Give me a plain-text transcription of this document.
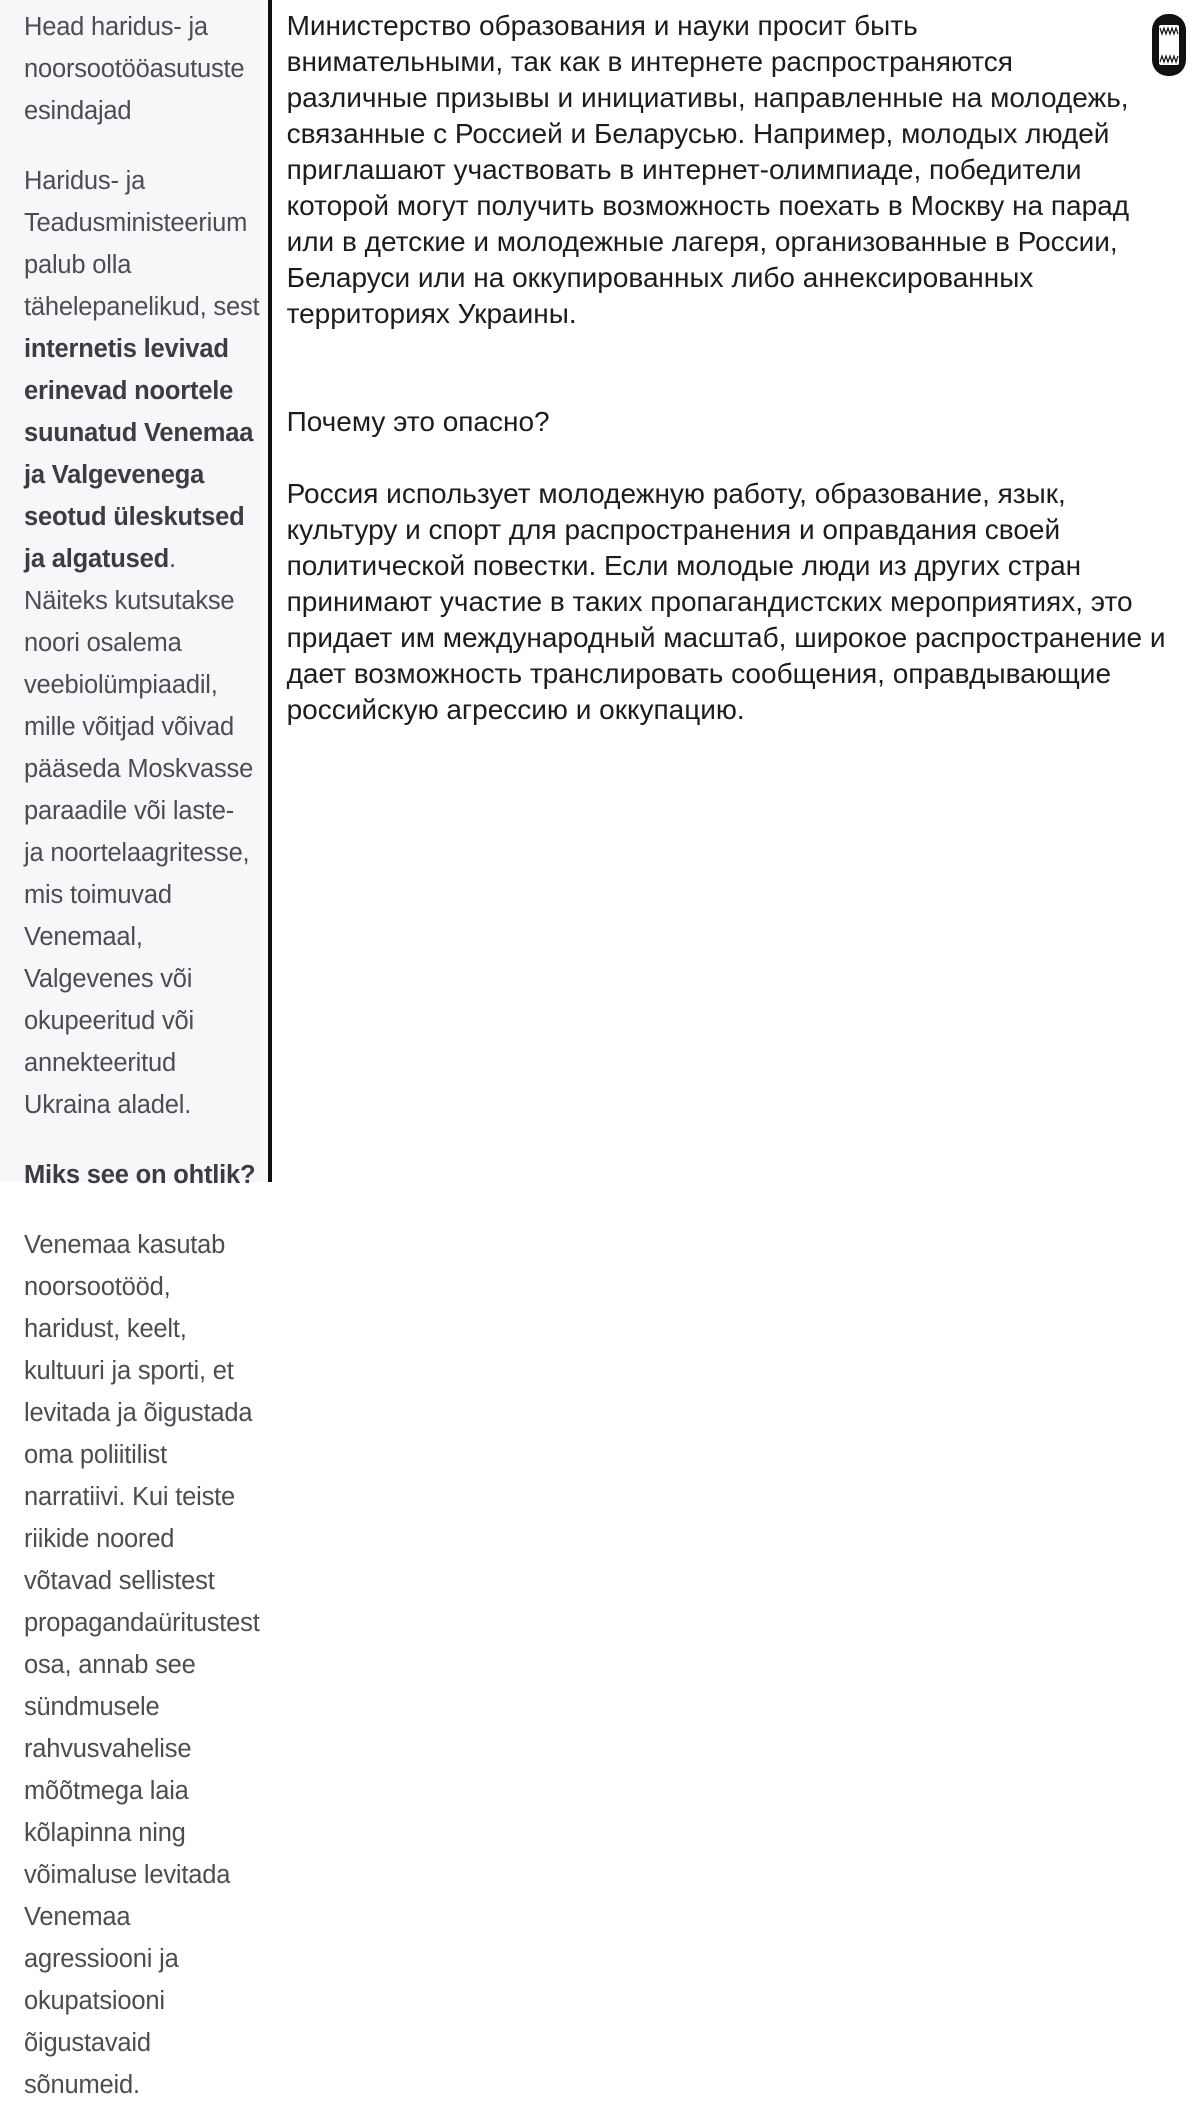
Head haridus- ja noorsootööasutuste esindajad

Haridus- ja Teadusministeerium palub olla tähelepanelikud, sest internetis levivad erinevad noortele suunatud Venemaa ja Valgevenega seotud üleskutsed ja algatused. Näiteks kutsutakse noori osalema veebiolümpiaadil, mille võitjad võivad pääseda Moskvasse paraadile või laste- ja noortelaagritesse, mis toimuvad Venemaal, Valgevenes või okupeeritud või annekteeritud Ukraina aladel.

Miks see on ohtlik?

Venemaa kasutab noorsootööd, haridust, keelt, kultuuri ja sporti, et levitada ja õigustada oma poliitilist narratiivi. Kui teiste riikide noored võtavad sellistest propagandaüritustest osa, annab see sündmusele rahvusvahelise mõõtmega laia kõlapinna ning võimaluse levitada Venemaa agressiooni ja okupatsiooni õigustavaid sõnumeid.

Министерство образования и науки просит быть внимательными, так как в интернете распространяются различные призывы и инициативы, направленные на молодежь, связанные с Россией и Беларусью. Например, молодых людей приглашают участвовать в интернет-олимпиаде, победители которой могут получить возможность поехать в Москву на парад или в детские и молодежные лагеря, организованные в России, Беларуси или на оккупированных либо аннексированных территориях Украины.

Почему это опасно?

Россия использует молодежную работу, образование, язык, культуру и спорт для распространения и оправдания своей политической повестки. Если молодые люди из других стран принимают участие в таких пропагандистских мероприятиях, это придает им международный масштаб, широкое распространение и дает возможность транслировать сообщения, оправдывающие российскую агрессию и оккупацию.
